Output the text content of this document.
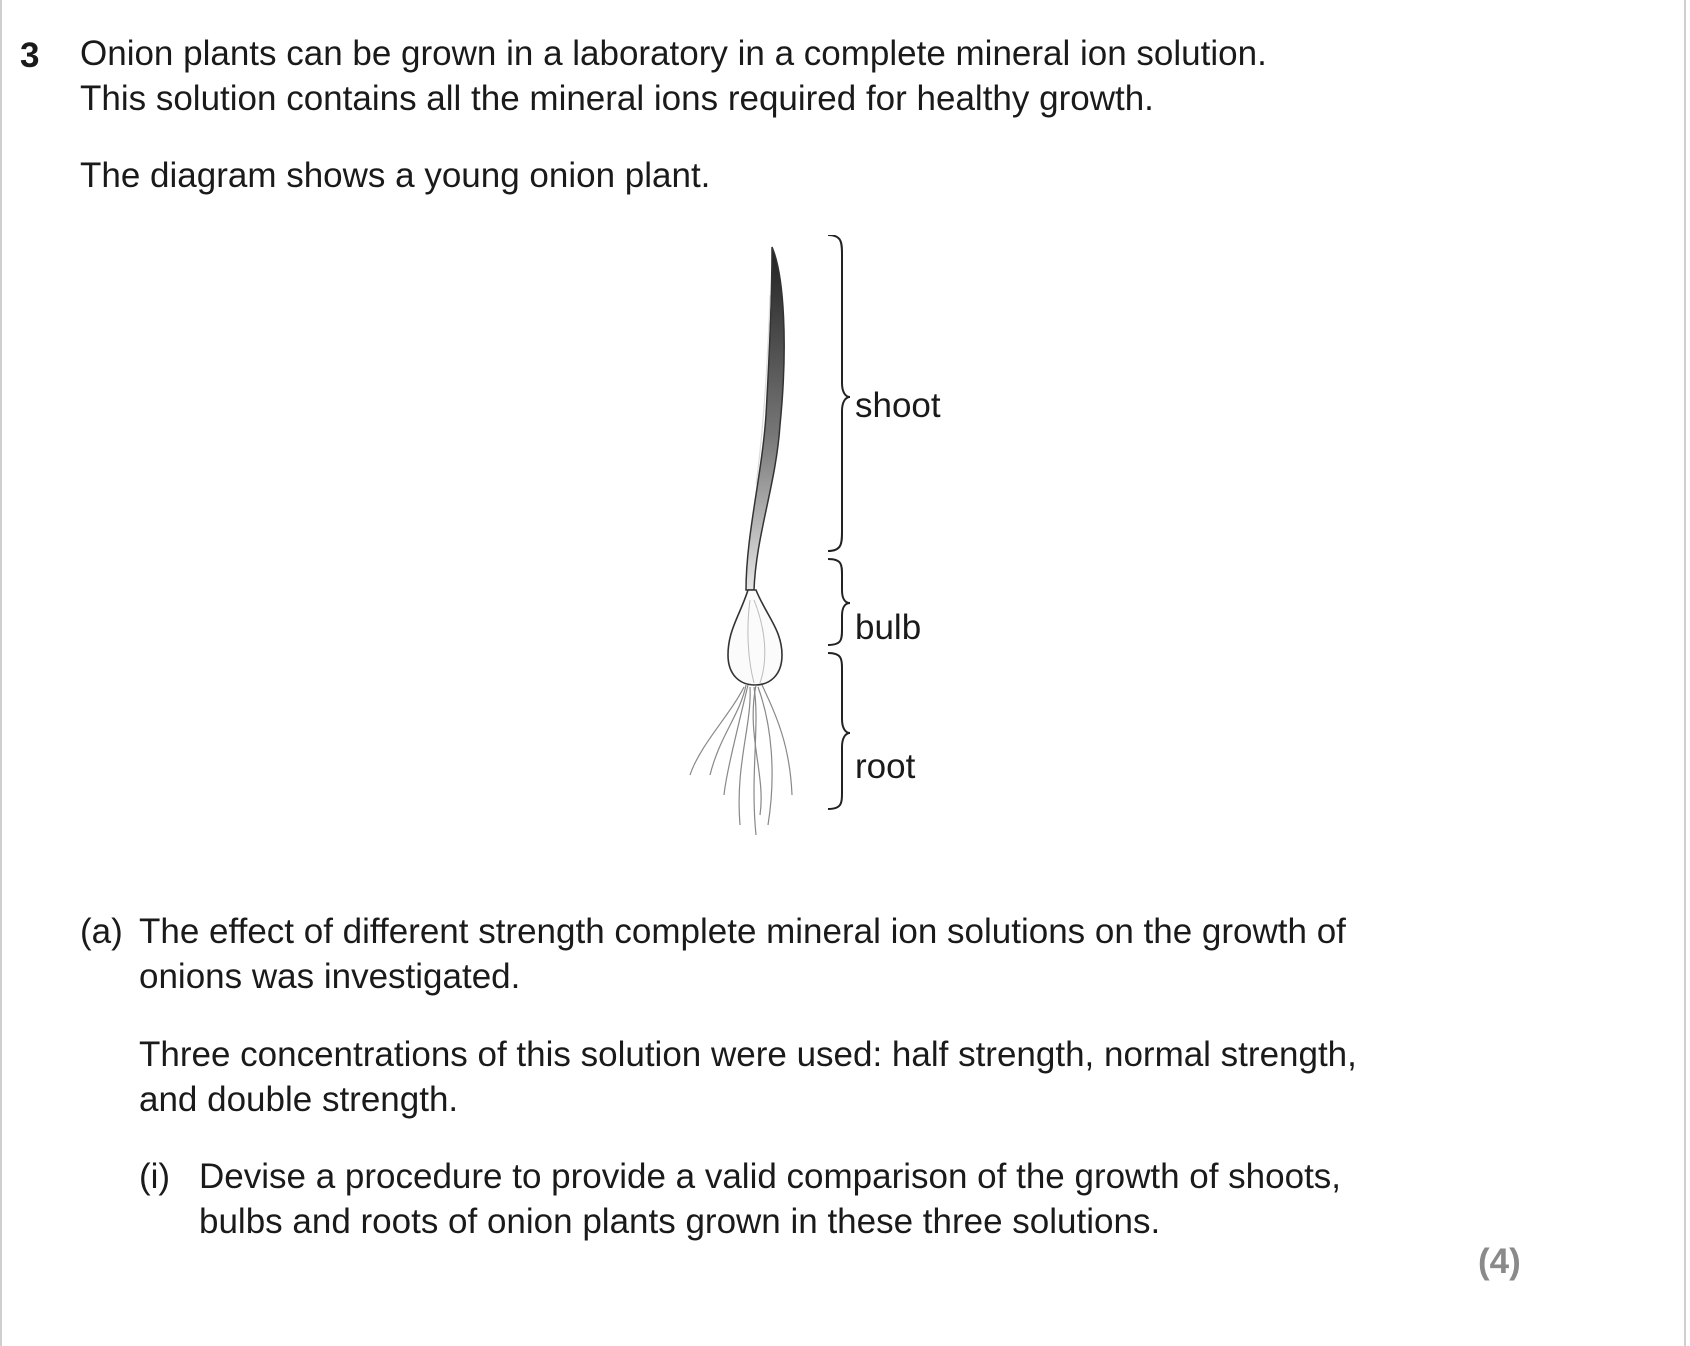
3 Onion plants can be grown in a laboratory in a complete mineral ion solution.
This solution contains all the mineral ions required for healthy growth.
The diagram shows a young onion plant.
shoot
bulb
root
(a) The effect of different strength complete mineral ion solutions on the growth of
onions was investigated.
Three concentrations of this solution were used: half strength, normal strength,
and double strength.
(i) Devise a procedure to provide a valid comparison of the growth of shoots,
bulbs and roots of onion plants grown in these three solutions.
(4)
